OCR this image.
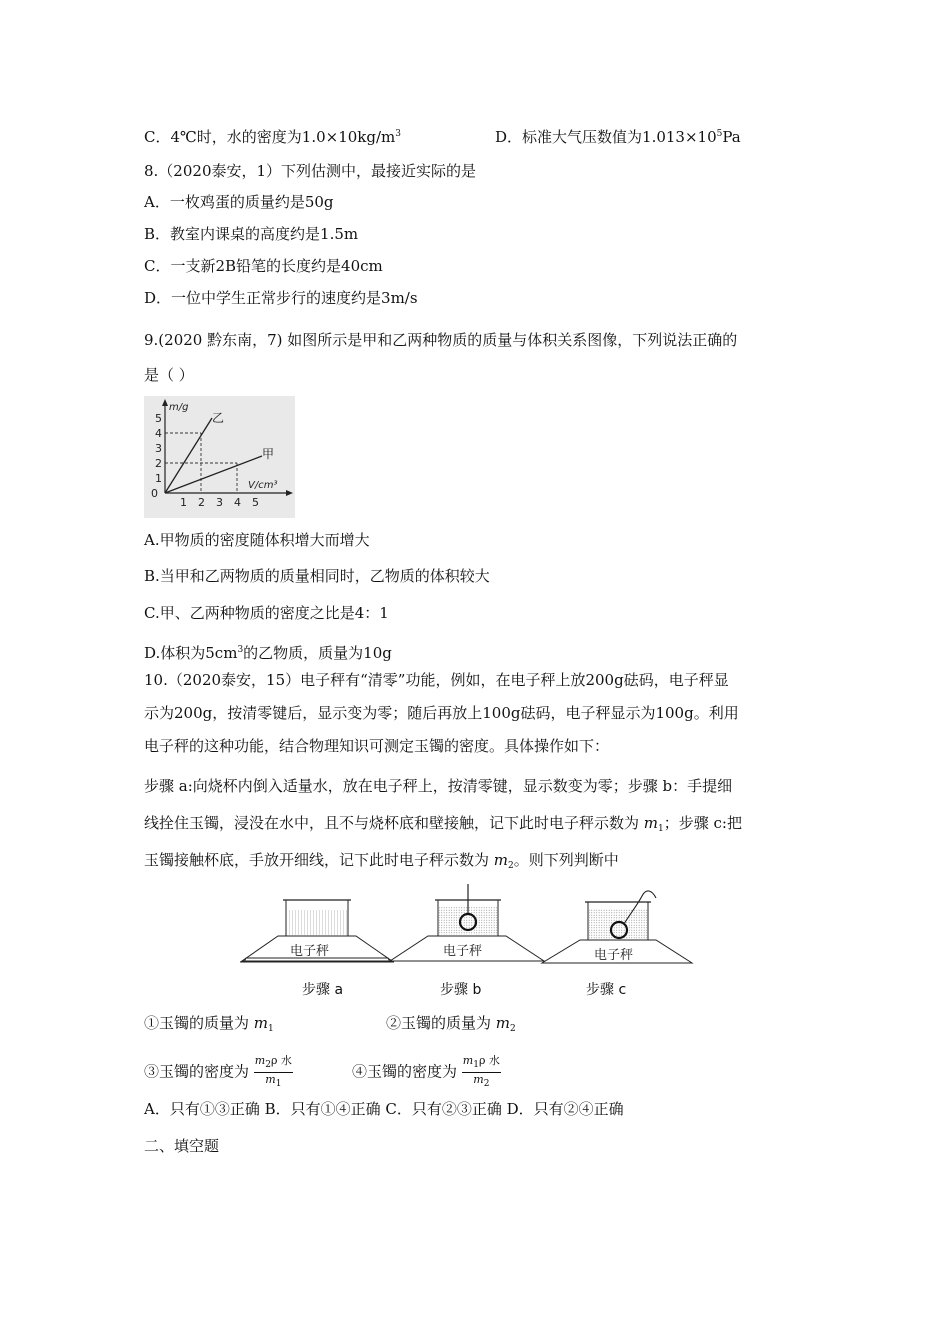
C．4℃时，水的密度为$1.0\times 10kg/m^3$	D．标准大气压数值为$1.013\times 10^5Pa$
8.（2020泰安，1）下列估测中，最接近实际的是
A．一枚鸡蛋的质量约是50g
B．教室内课桌的高度约是1.5m
C．一支新2B铅笔的长度约是40cm
D．一位中学生正常步行的速度约是3m/s
9.(2020 黔东南，7) 如图所示是甲和乙两种物质的质量与体积关系图像，下列说法正确的
是（ ）
m/g
V/cm³
乙
甲
0
1
2
3
4
5
1 2 3 4 5
A.甲物质的密度随体积增大而增大
B.当甲和乙两物质的质量相同时，乙物质的体积较大
C.甲、乙两种物质的密度之比是4：1
D.体积为$5cm^3$的乙物质，质量为10g
10.（2020泰安，15）电子秤有“清零”功能，例如，在电子秤上放200g砝码，电子秤显
示为200g，按清零键后，显示变为零；随后再放上100g砝码，电子秤显示为100g。利用
电子秤的这种功能，结合物理知识可测定玉镯的密度。具体操作如下：
步骤 a:向烧杯内倒入适量水，放在电子秤上，按清零键，显示数变为零；步骤 b：手提细
线拴住玉镯，浸没在水中，且不与烧杯底和壁接触，记下此时电子秤示数为 $m_1$；步骤 c:把
玉镯接触杯底，手放开细线，记下此时电子秤示数为 $m_2$。则下列判断中
电子秤	电子秤	电子秤
步骤 a	步骤 b	步骤 c
①玉镯的质量为 $m_1$	②玉镯的质量为 $m_2$
③玉镯的密度为 $\frac{m_2\rho 水}{m_1}$	④玉镯的密度为 $\frac{m_1\rho 水}{m_2}$
A．只有①③正确 B．只有①④正确 C．只有②③正确 D．只有②④正确
二、填空题
